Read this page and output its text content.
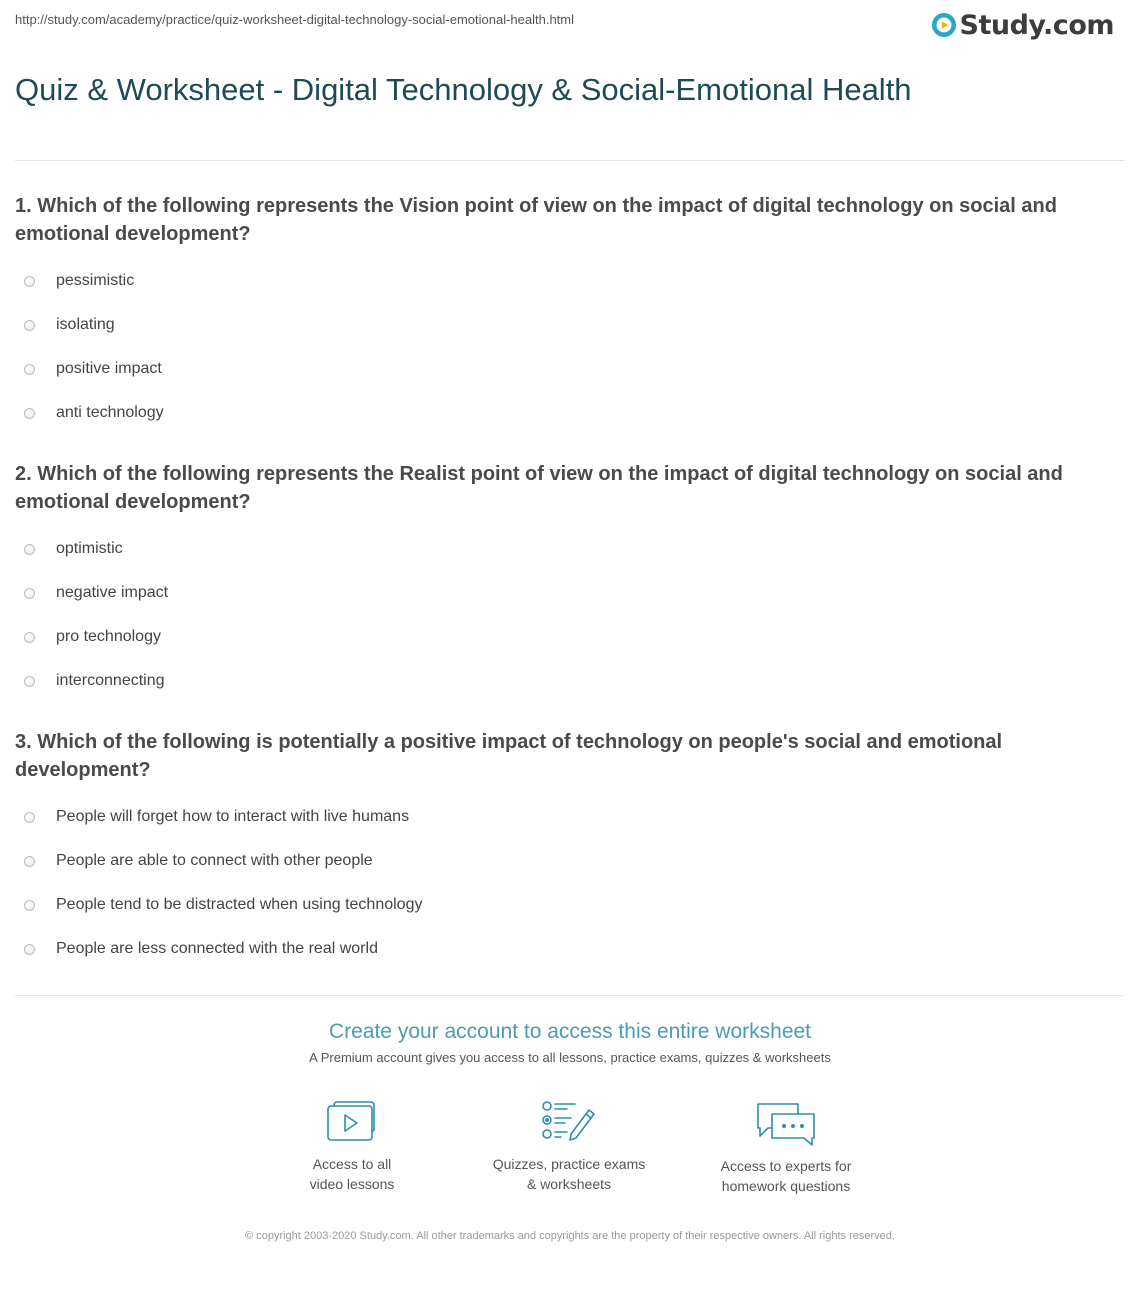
http://study.com/academy/practice/quiz-worksheet-digital-technology-social-emotional-health.html	Study.com
Quiz & Worksheet - Digital Technology & Social-Emotional Health

1. Which of the following represents the Vision point of view on the impact of digital technology on social and emotional development?

pessimistic
isolating
positive impact
anti technology

2. Which of the following represents the Realist point of view on the impact of digital technology on social and emotional development?

optimistic
negative impact
pro technology
interconnecting

3. Which of the following is potentially a positive impact of technology on people's social and emotional development?

People will forget how to interact with live humans
People are able to connect with other people
People tend to be distracted when using technology
People are less connected with the real world
Create your account to access this entire worksheet

A Premium account gives you access to all lessons, practice exams, quizzes & worksheets

Access to all
video lessons
Quizzes, practice exams
& worksheets
Access to experts for
homework questions
© copyright 2003-2020 Study.com. All other trademarks and copyrights are the property of their respective owners. All rights reserved.
